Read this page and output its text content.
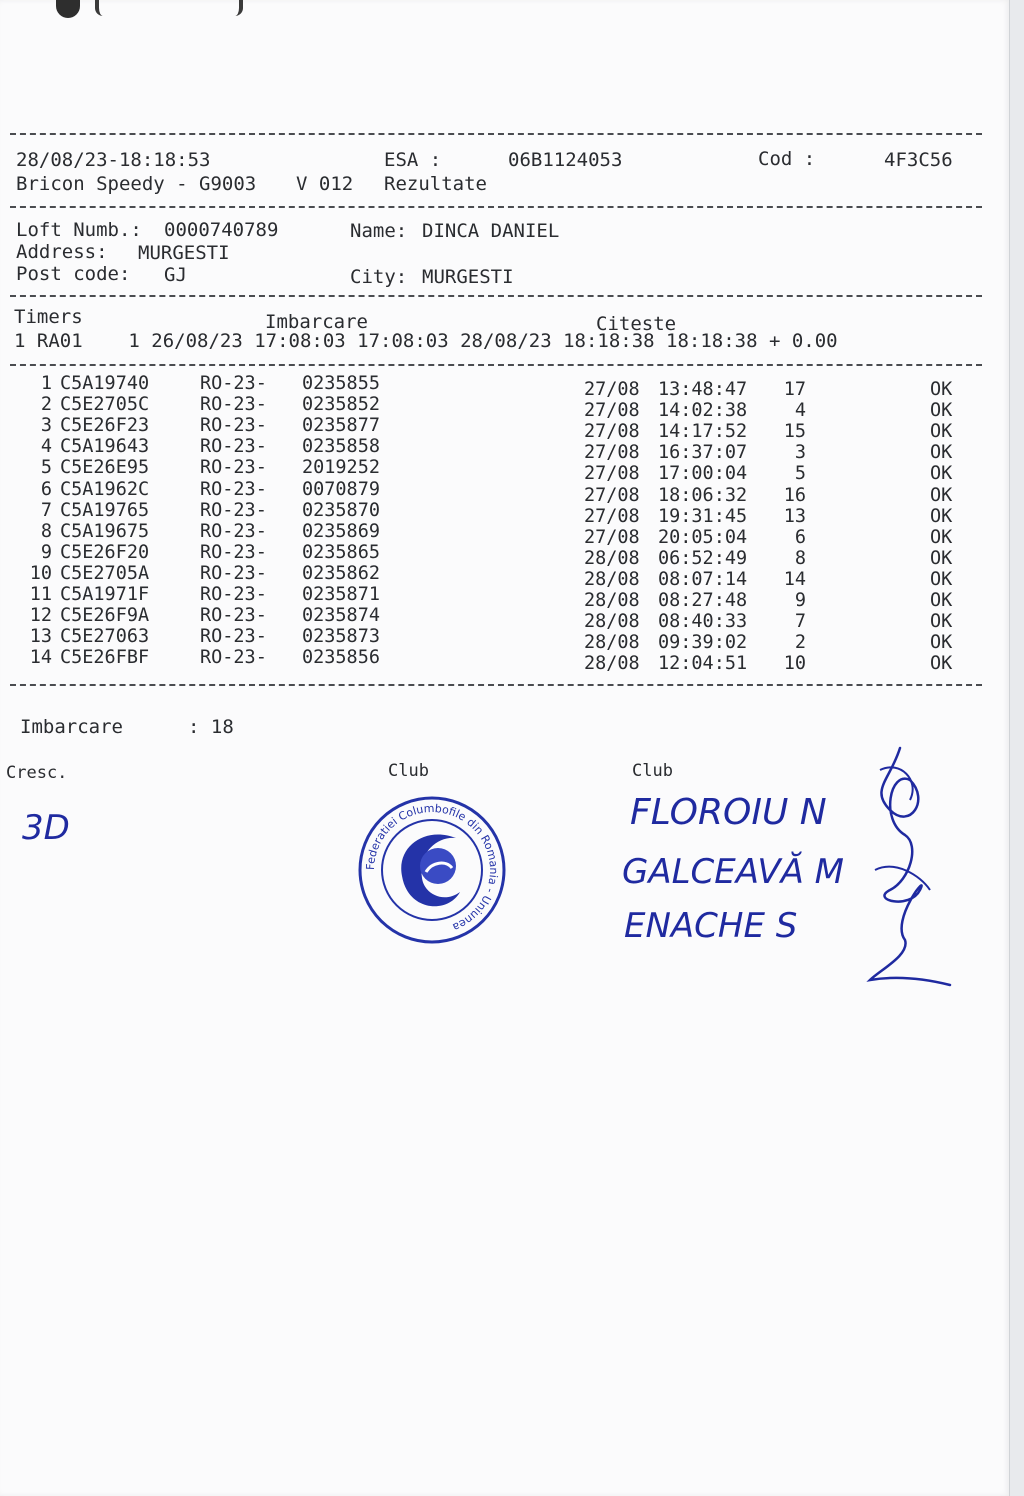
28/08/23-18:18:53	ESA :	06B1124053	Cod :	4F3C56
Bricon Speedy - G9003 V 012 Rezultate
Loft Numb.: 0000740789	Name: DINCA DANIEL
Address: MURGESTI
Post code: GJ	City: MURGESTI
Timers	Imbarcare	Citeste
1 RA01    1 26/08/23 17:08:03 17:08:03 28/08/23 18:18:38 18:18:38 + 0.00
1 C5A19740	RO-23- 0235855	27/08 13:48:47	17	OK
2 C5E2705C	RO-23- 0235852	27/08 14:02:38	4	OK
3 C5E26F23	RO-23- 0235877	27/08 14:17:52	15	OK
4 C5A19643	RO-23- 0235858	27/08 16:37:07	3	OK
5 C5E26E95	RO-23- 2019252	27/08 17:00:04	5	OK
6 C5A1962C	RO-23- 0070879	27/08 18:06:32	16	OK
7 C5A19765	RO-23- 0235870	27/08 19:31:45	13	OK
8 C5A19675	RO-23- 0235869	27/08 20:05:04	6	OK
9 C5E26F20	RO-23- 0235865	28/08 06:52:49	8	OK
10 C5E2705A	RO-23- 0235862	28/08 08:07:14	14	OK
11 C5A1971F	RO-23- 0235871	28/08 08:27:48	9	OK
12 C5E26F9A	RO-23- 0235874	28/08 08:40:33	7	OK
13 C5E27063	RO-23- 0235873	28/08 09:39:02	2	OK
14 C5E26FBF	RO-23- 0235856	28/08 12:04:51	10	OK
Imbarcare	: 18
Cresc.	Club	Club
3D	FLOROIU N
GALCEAVĂ M
ENACHE S
Federatiei Columbofile din Romania - Uniunea
